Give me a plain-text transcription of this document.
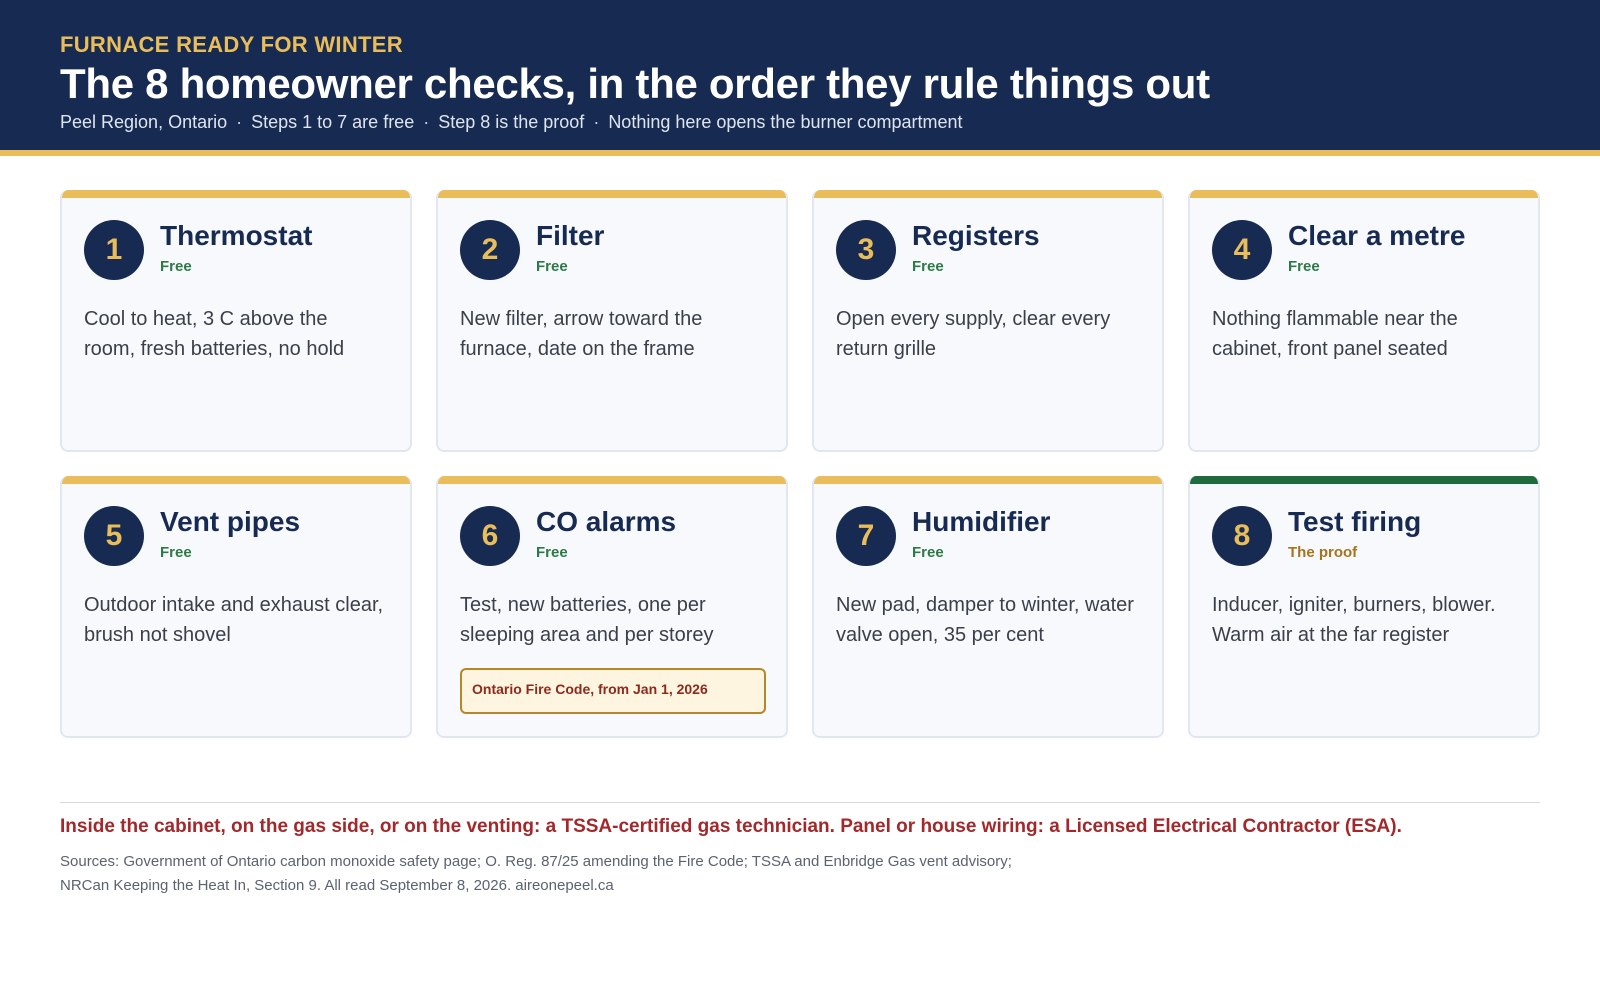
FURNACE READY FOR WINTER
The 8 homeowner checks, in the order they rule things out
Peel Region, Ontario · Steps 1 to 7 are free · Step 8 is the proof · Nothing here opens the burner compartment
1	Thermostat
Free
Cool to heat, 3 C above the room, fresh batteries, no hold
2	Filter
Free
New filter, arrow toward the furnace, date on the frame
3	Registers
Free
Open every supply, clear every return grille
4	Clear a metre
Free
Nothing flammable near the cabinet, front panel seated
5	Vent pipes
Free
Outdoor intake and exhaust clear, brush not shovel
6	CO alarms
Free
Test, new batteries, one per sleeping area and per storey
Ontario Fire Code, from Jan 1, 2026
7	Humidifier
Free
New pad, damper to winter, water valve open, 35 per cent
8	Test firing
The proof
Inducer, igniter, burners, blower. Warm air at the far register
Inside the cabinet, on the gas side, or on the venting: a TSSA-certified gas technician. Panel or house wiring: a Licensed Electrical Contractor (ESA).
Sources: Government of Ontario carbon monoxide safety page; O. Reg. 87/25 amending the Fire Code; TSSA and Enbridge Gas vent advisory;
NRCan Keeping the Heat In, Section 9. All read September 8, 2026. aireonepeel.ca
